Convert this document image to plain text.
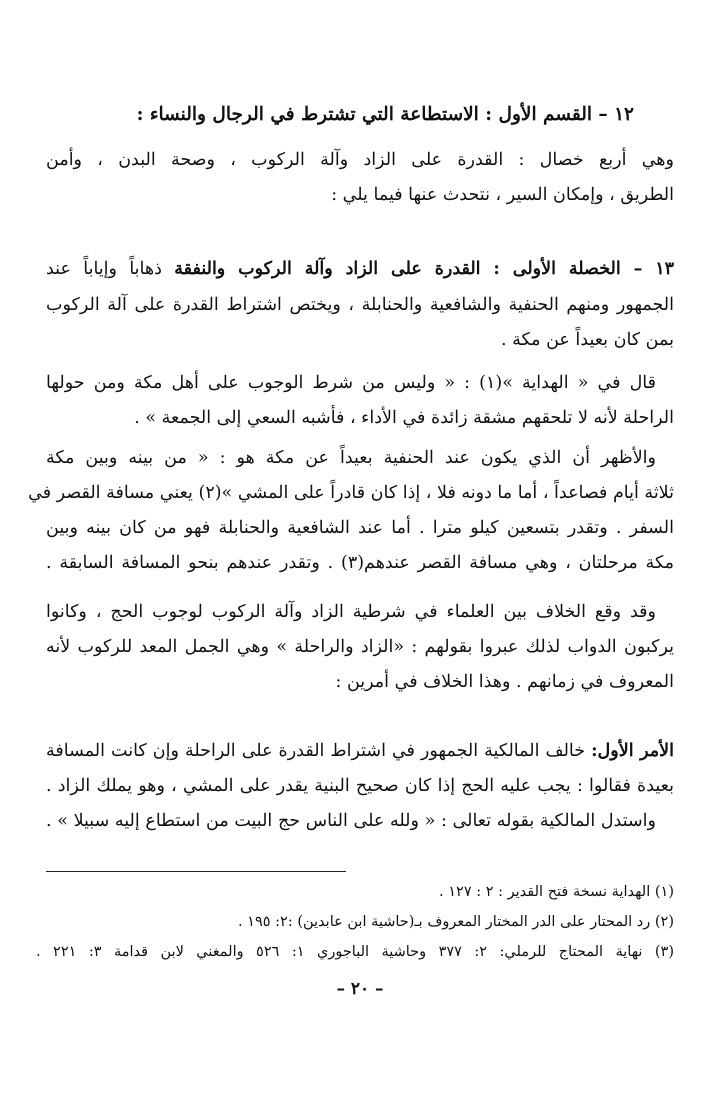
١٢ – القسم الأول : الاستطاعة التي تشترط في الرجال والنساء :
وهي أربع خصال : القدرة على الزاد وآلة الركوب ، وصحة البدن ، وأمن
الطريق ، وإمكان السير ، نتحدث عنها فيما يلي :
١٣ – الخصلة الأولى : القدرة على الزاد وآلة الركوب والنفقة ذهاباً وإياباً عند
الجمهور ومنهم الحنفية والشافعية والحنابلة ، ويختص اشتراط القدرة على آلة الركوب
بمن كان بعيداً عن مكة .
قال في « الهداية »(١) : « وليس من شرط الوجوب على أهل مكة ومن حولها
الراحلة لأنه لا تلحقهم مشقة زائدة في الأداء ، فأشبه السعي إلى الجمعة » .
والأظهر أن الذي يكون عند الحنفية بعيداً عن مكة هو : « من بينه وبين مكة
ثلاثة أيام فصاعداً ، أما ما دونه فلا ، إذا كان قادراً على المشي »(٢) يعني مسافة القصر في
السفر . وتقدر بتسعين كيلو مترا . أما عند الشافعية والحنابلة فهو من كان بينه وبين
مكة مرحلتان ، وهي مسافة القصر عندهم(٣) . وتقدر عندهم بنحو المسافة السابقة .
وقد وقع الخلاف بين العلماء في شرطية الزاد وآلة الركوب لوجوب الحج ، وكانوا
يركبون الدواب لذلك عبروا بقولهم : «الزاد والراحلة » وهي الجمل المعد للركوب لأنه
المعروف في زمانهم . وهذا الخلاف في أمرين :
الأمر الأول: خالف المالكية الجمهور في اشتراط القدرة على الراحلة وإن كانت المسافة
بعيدة فقالوا : يجب عليه الحج إذا كان صحيح البنية يقدر على المشي ، وهو يملك الزاد .
واستدل المالكية بقوله تعالى : « ولله على الناس حج البيت من استطاع إليه سبيلا » .
(١) الهداية نسخة فتح القدير : ٢ : ١٢٧ .
(٢) رد المحتار على الدر المختار المعروف بـ(حاشية ابن عابدين) :٢: ١٩٥ .
(٣) نهاية المحتاج للرملي: ٢: ٣٧٧ وحاشية الباجوري ١: ٥٢٦ والمغني لابن قدامة ٣: ٢٢١ .
– ٢٠ –
